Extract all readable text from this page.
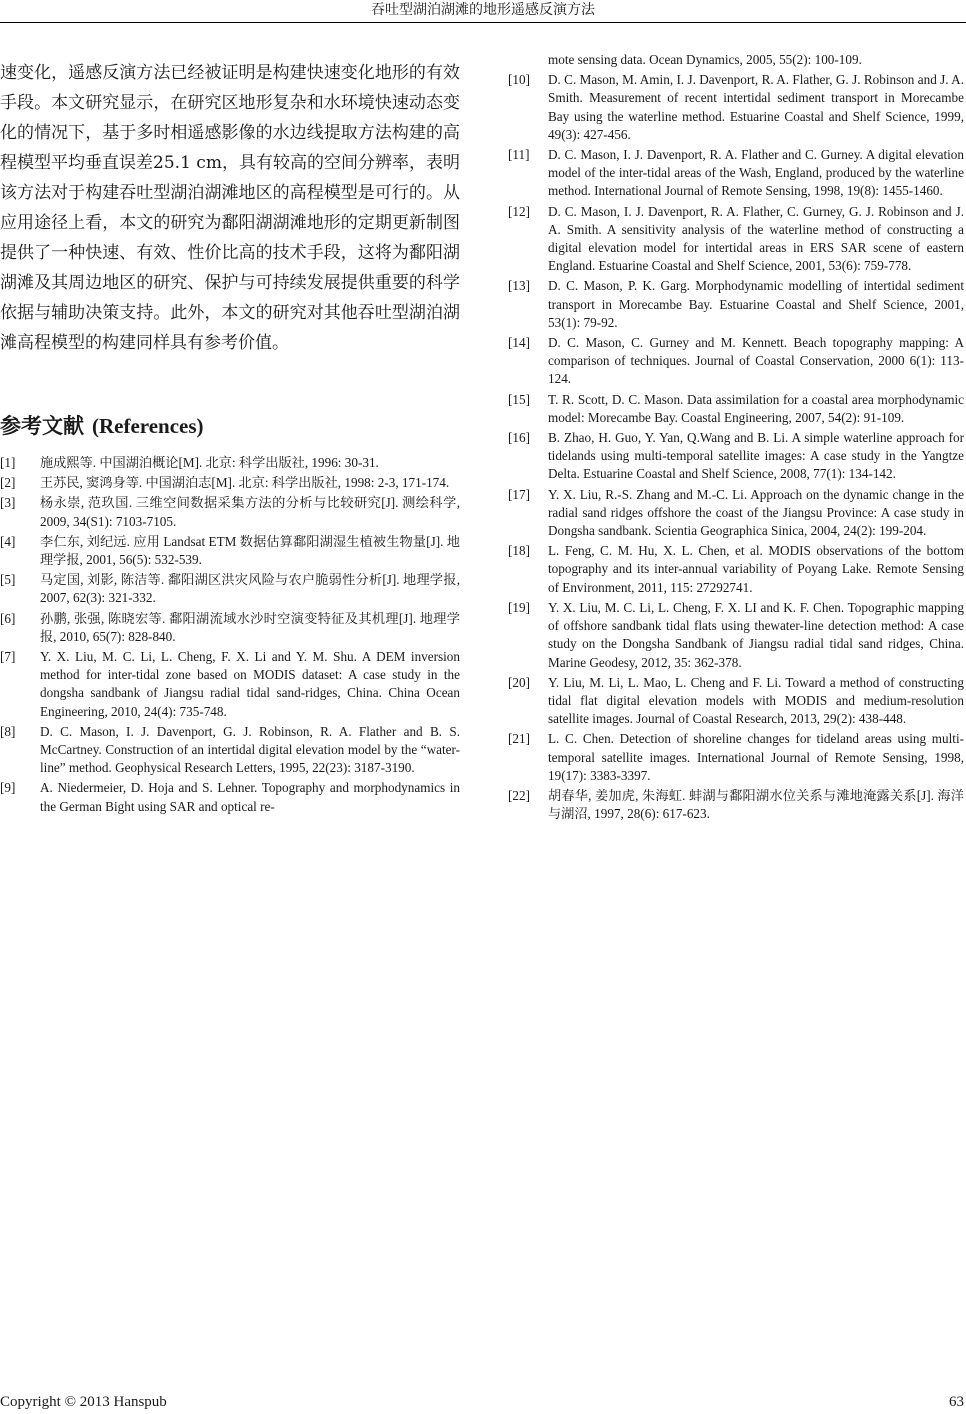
吞吐型湖泊湖滩的地形遥感反演方法

速变化，遥感反演方法已经被证明是构建快速变化地形的有效手段。本文研究显示，在研究区地形复杂和水环境快速动态变化的情况下，基于多时相遥感影像的水边线提取方法构建的高程模型平均垂直误差25.1 cm，具有较高的空间分辨率，表明该方法对于构建吞吐型湖泊湖滩地区的高程模型是可行的。从应用途径上看，本文的研究为鄱阳湖湖滩地形的定期更新制图提供了一种快速、有效、性价比高的技术手段，这将为鄱阳湖湖滩及其周边地区的研究、保护与可持续发展提供重要的科学依据与辅助决策支持。此外，本文的研究对其他吞吐型湖泊湖滩高程模型的构建同样具有参考价值。

参考文献 (References)
[1]	施成熙等. 中国湖泊概论[M]. 北京: 科学出版社, 1996: 30-31.
[2]	王苏民, 窦鸿身等. 中国湖泊志[M]. 北京: 科学出版社, 1998: 2-3, 171-174.
[3]	杨永崇, 范玖国. 三维空间数据采集方法的分析与比较研究[J]. 测绘科学, 2009, 34(S1): 7103-7105.
[4]	李仁东, 刘纪远. 应用 Landsat ETM 数据估算鄱阳湖湿生植被生物量[J]. 地理学报, 2001, 56(5): 532-539.
[5]	马定国, 刘影, 陈洁等. 鄱阳湖区洪灾风险与农户脆弱性分析[J]. 地理学报, 2007, 62(3): 321-332.
[6]	孙鹏, 张强, 陈晓宏等. 鄱阳湖流域水沙时空演变特征及其机理[J]. 地理学报, 2010, 65(7): 828-840.
[7]	Y. X. Liu, M. C. Li, L. Cheng, F. X. Li and Y. M. Shu. A DEM inversion method for inter-tidal zone based on MODIS dataset: A case study in the dongsha sandbank of Jiangsu radial tidal sand-ridges, China. China Ocean Engineering, 2010, 24(4): 735-748.
[8]	D. C. Mason, I. J. Davenport, G. J. Robinson, R. A. Flather and B. S. McCartney. Construction of an intertidal digital elevation model by the “water-line” method. Geophysical Research Letters, 1995, 22(23): 3187-3190.
[9]	A. Niedermeier, D. Hoja and S. Lehner. Topography and morphodynamics in the German Bight using SAR and optical re-
mote sensing data. Ocean Dynamics, 2005, 55(2): 100-109.
[10]	D. C. Mason, M. Amin, I. J. Davenport, R. A. Flather, G. J. Robinson and J. A. Smith. Measurement of recent intertidal sediment transport in Morecambe Bay using the waterline method. Estuarine Coastal and Shelf Science, 1999, 49(3): 427-456.
[11]	D. C. Mason, I. J. Davenport, R. A. Flather and C. Gurney. A digital elevation model of the inter-tidal areas of the Wash, England, produced by the waterline method. International Journal of Remote Sensing, 1998, 19(8): 1455-1460.
[12]	D. C. Mason, I. J. Davenport, R. A. Flather, C. Gurney, G. J. Robinson and J. A. Smith. A sensitivity analysis of the waterline method of constructing a digital elevation model for intertidal areas in ERS SAR scene of eastern England. Estuarine Coastal and Shelf Science, 2001, 53(6): 759-778.
[13]	D. C. Mason, P. K. Garg. Morphodynamic modelling of intertidal sediment transport in Morecambe Bay. Estuarine Coastal and Shelf Science, 2001, 53(1): 79-92.
[14]	D. C. Mason, C. Gurney and M. Kennett. Beach topography mapping: A comparison of techniques. Journal of Coastal Conservation, 2000 6(1): 113-124.
[15]	T. R. Scott, D. C. Mason. Data assimilation for a coastal area morphodynamic model: Morecambe Bay. Coastal Engineering, 2007, 54(2): 91-109.
[16]	B. Zhao, H. Guo, Y. Yan, Q.Wang and B. Li. A simple waterline approach for tidelands using multi-temporal satellite images: A case study in the Yangtze Delta. Estuarine Coastal and Shelf Science, 2008, 77(1): 134-142.
[17]	Y. X. Liu, R.-S. Zhang and M.-C. Li. Approach on the dynamic change in the radial sand ridges offshore the coast of the Jiangsu Province: A case study in Dongsha sandbank. Scientia Geographica Sinica, 2004, 24(2): 199-204.
[18]	L. Feng, C. M. Hu, X. L. Chen, et al. MODIS observations of the bottom topography and its inter-annual variability of Poyang Lake. Remote Sensing of Environment, 2011, 115: 27292741.
[19]	Y. X. Liu, M. C. Li, L. Cheng, F. X. LI and K. F. Chen. Topographic mapping of offshore sandbank tidal flats using thewater-line detection method: A case study on the Dongsha Sandbank of Jiangsu radial tidal sand ridges, China. Marine Geodesy, 2012, 35: 362-378.
[20]	Y. Liu, M. Li, L. Mao, L. Cheng and F. Li. Toward a method of constructing tidal flat digital elevation models with MODIS and medium-resolution satellite images. Journal of Coastal Research, 2013, 29(2): 438-448.
[21]	L. C. Chen. Detection of shoreline changes for tideland areas using multi-temporal satellite images. International Journal of Remote Sensing, 1998, 19(17): 3383-3397.
[22]	胡春华, 姜加虎, 朱海虹. 蚌湖与鄱阳湖水位关系与滩地淹露关系[J]. 海洋与湖沼, 1997, 28(6): 617-623.
Copyright © 2013 Hanspub	63
